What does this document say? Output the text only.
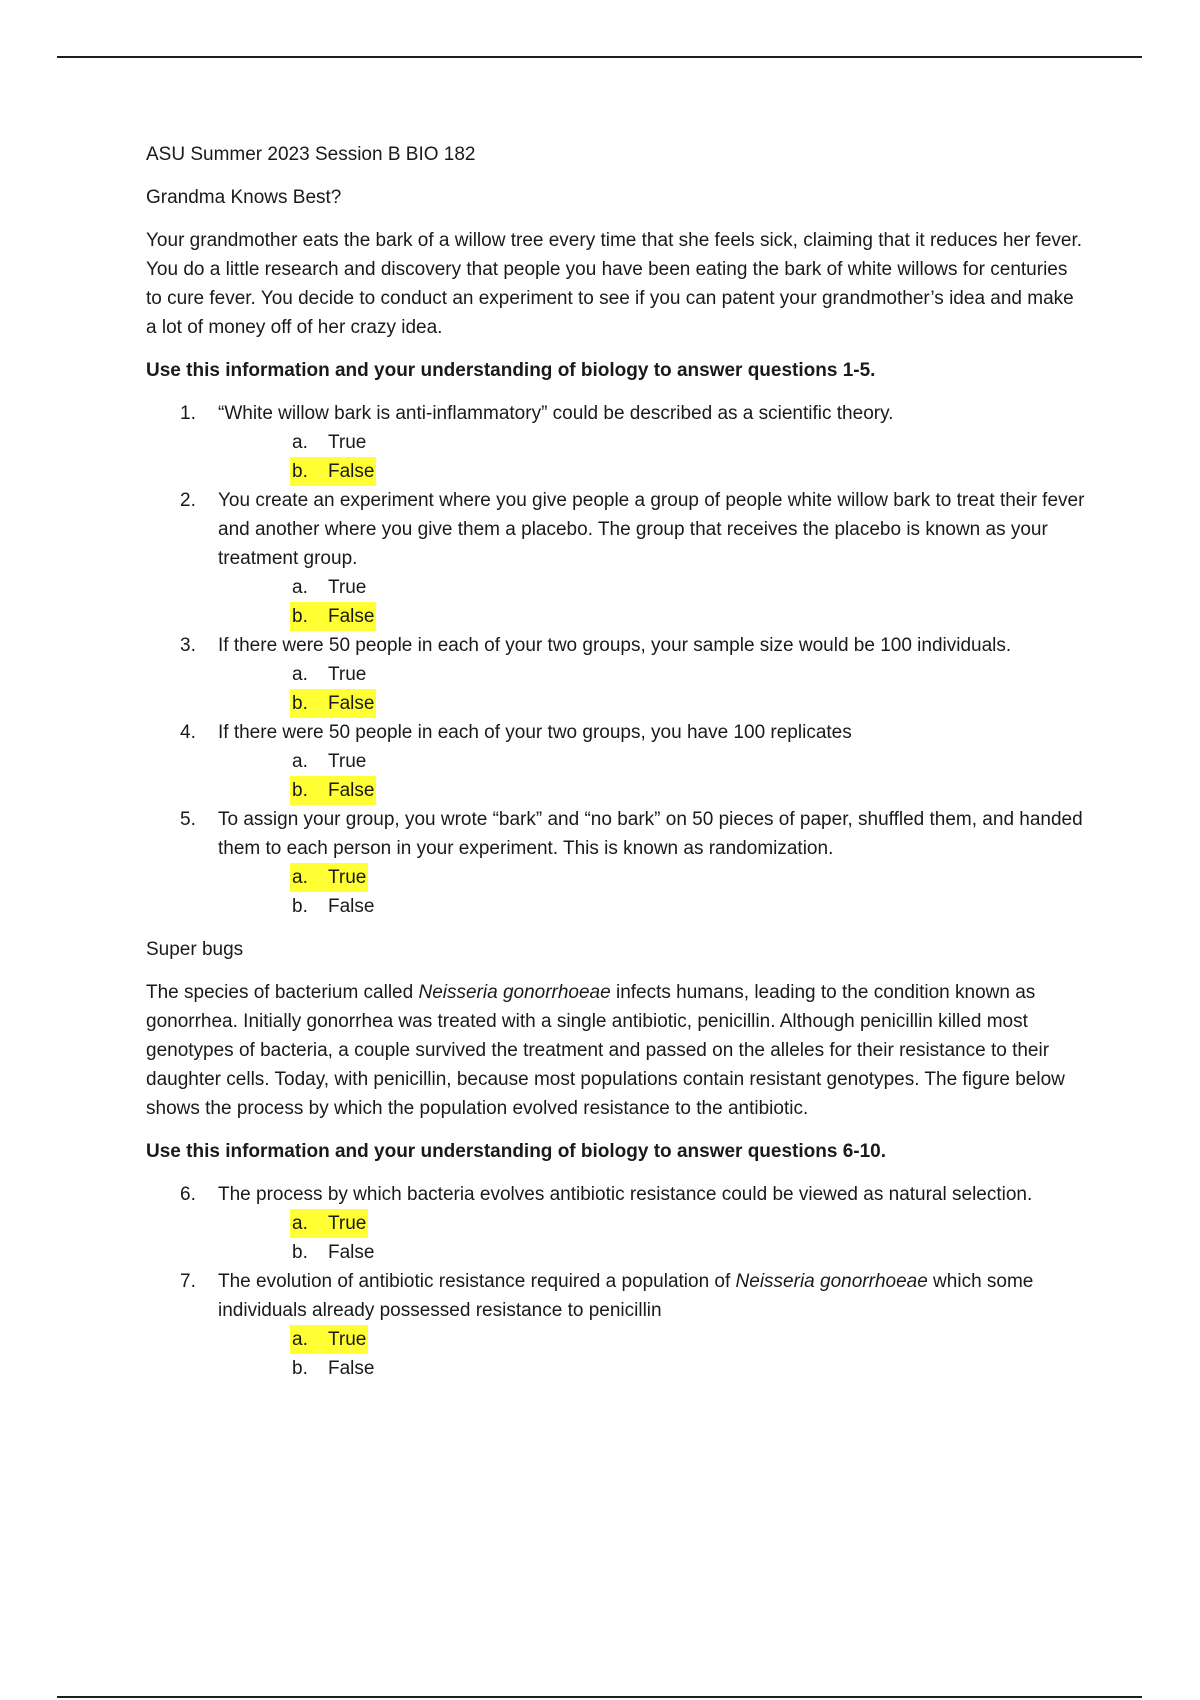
ASU Summer 2023 Session B BIO 182

Grandma Knows Best?

Your grandmother eats the bark of a willow tree every time that she feels sick, claiming that it reduces her fever. You do a little research and discovery that people you have been eating the bark of white willows for centuries to cure fever. You decide to conduct an experiment to see if you can patent your grandmother’s idea and make a lot of money off of her crazy idea.

Use this information and your understanding of biology to answer questions 1-5.

1. “White willow bark is anti-inflammatory” could be described as a scientific theory.

a. True
b. False
2. You create an experiment where you give people a group of people white willow bark to treat their fever and another where you give them a placebo. The group that receives the placebo is known as your treatment group.

a. True
b. False
3. If there were 50 people in each of your two groups, your sample size would be 100 individuals.

a. True
b. False
4. If there were 50 people in each of your two groups, you have 100 replicates

a. True
b. False
5. To assign your group, you wrote “bark” and “no bark” on 50 pieces of paper, shuffled them, and handed them to each person in your experiment. This is known as randomization.

a. True
b. False

Super bugs

The species of bacterium called Neisseria gonorrhoeae infects humans, leading to the condition known as gonorrhea. Initially gonorrhea was treated with a single antibiotic, penicillin. Although penicillin killed most genotypes of bacteria, a couple survived the treatment and passed on the alleles for their resistance to their daughter cells. Today, with penicillin, because most populations contain resistant genotypes. The figure below shows the process by which the population evolved resistance to the antibiotic.

Use this information and your understanding of biology to answer questions 6-10.

6. The process by which bacteria evolves antibiotic resistance could be viewed as natural selection.

a. True
b. False
7. The evolution of antibiotic resistance required a population of Neisseria gonorrhoeae which some individuals already possessed resistance to penicillin

a. True
b. False
